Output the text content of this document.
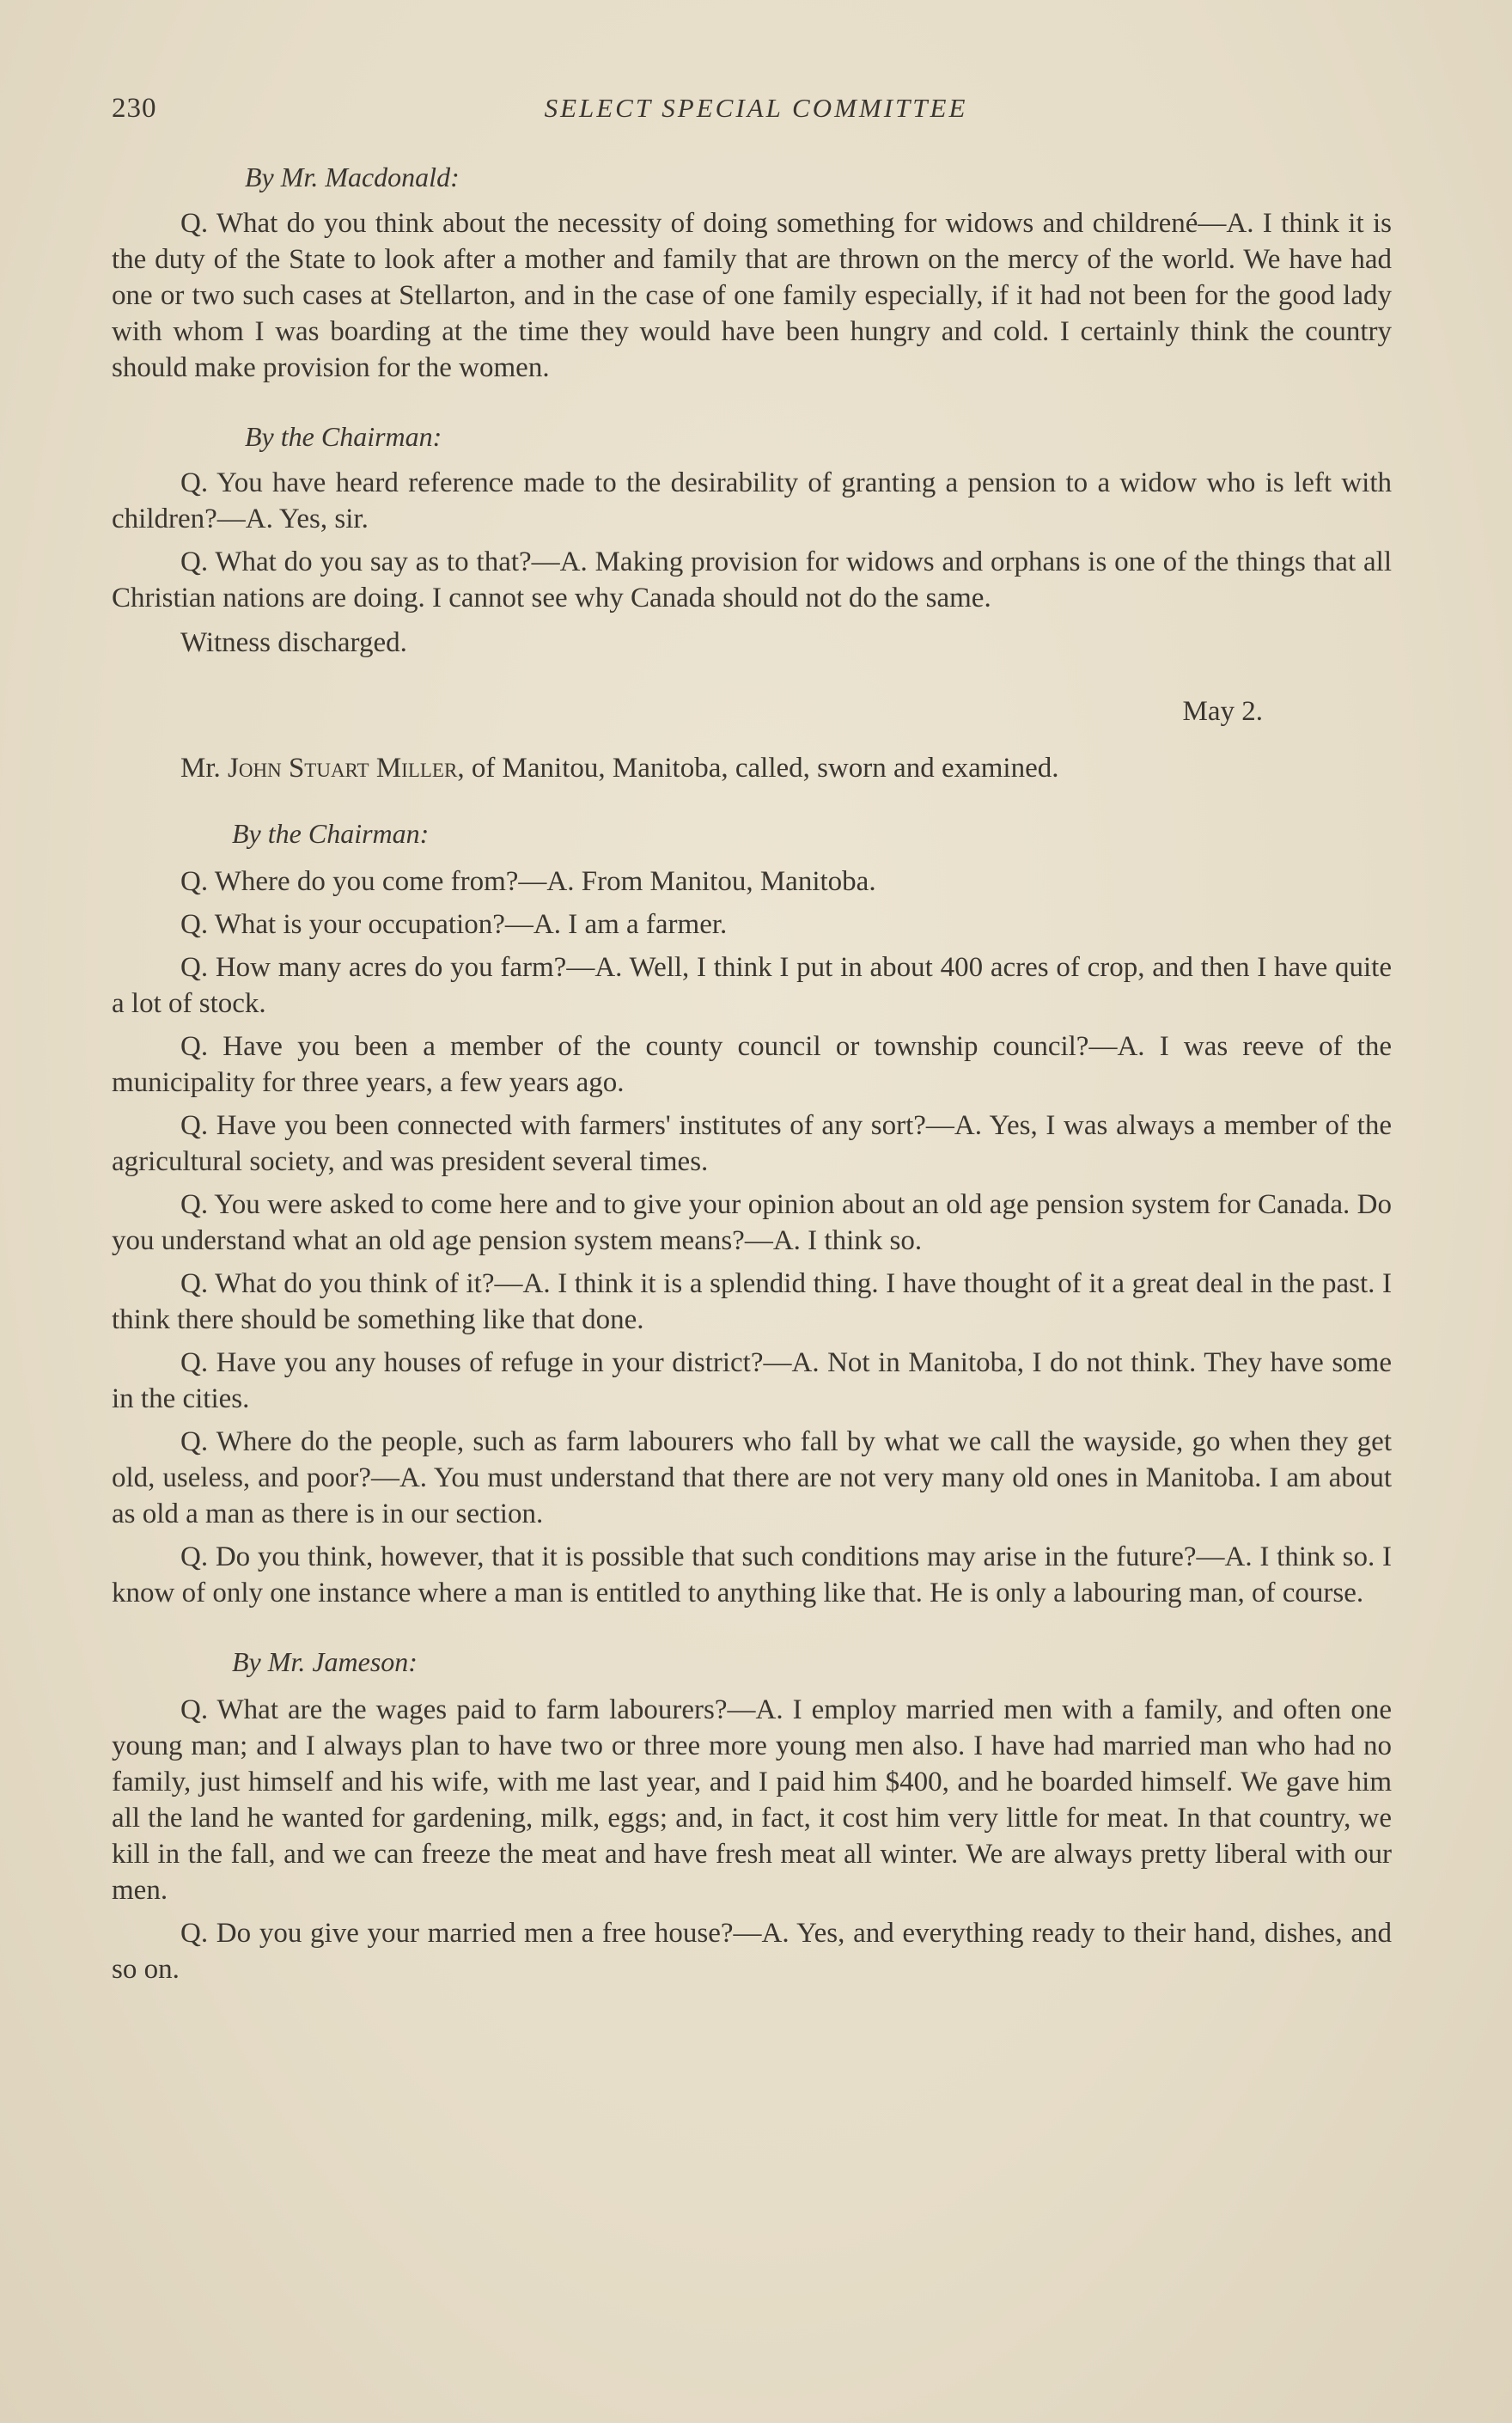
230	SELECT SPECIAL COMMITTEE

By Mr. Macdonald:

Q. What do you think about the necessity of doing something for widows and childrené—A. I think it is the duty of the State to look after a mother and family that are thrown on the mercy of the world. We have had one or two such cases at Stellarton, and in the case of one family especially, if it had not been for the good lady with whom I was boarding at the time they would have been hungry and cold. I certainly think the country should make provision for the women.

By the Chairman:

Q. You have heard reference made to the desirability of granting a pension to a widow who is left with children?—A. Yes, sir.

Q. What do you say as to that?—A. Making provision for widows and orphans is one of the things that all Christian nations are doing. I cannot see why Canada should not do the same.

Witness discharged.

May 2.

Mr. John Stuart Miller, of Manitou, Manitoba, called, sworn and examined.

By the Chairman:

Q. Where do you come from?—A. From Manitou, Manitoba.

Q. What is your occupation?—A. I am a farmer.

Q. How many acres do you farm?—A. Well, I think I put in about 400 acres of crop, and then I have quite a lot of stock.

Q. Have you been a member of the county council or township council?—A. I was reeve of the municipality for three years, a few years ago.

Q. Have you been connected with farmers' institutes of any sort?—A. Yes, I was always a member of the agricultural society, and was president several times.

Q. You were asked to come here and to give your opinion about an old age pension system for Canada. Do you understand what an old age pension system means?—A. I think so.

Q. What do you think of it?—A. I think it is a splendid thing. I have thought of it a great deal in the past. I think there should be something like that done.

Q. Have you any houses of refuge in your district?—A. Not in Manitoba, I do not think. They have some in the cities.

Q. Where do the people, such as farm labourers who fall by what we call the wayside, go when they get old, useless, and poor?—A. You must understand that there are not very many old ones in Manitoba. I am about as old a man as there is in our section.

Q. Do you think, however, that it is possible that such conditions may arise in the future?—A. I think so. I know of only one instance where a man is entitled to anything like that. He is only a labouring man, of course.

By Mr. Jameson:

Q. What are the wages paid to farm labourers?—A. I employ married men with a family, and often one young man; and I always plan to have two or three more young men also. I have had married man who had no family, just himself and his wife, with me last year, and I paid him $400, and he boarded himself. We gave him all the land he wanted for gardening, milk, eggs; and, in fact, it cost him very little for meat. In that country, we kill in the fall, and we can freeze the meat and have fresh meat all winter. We are always pretty liberal with our men.

Q. Do you give your married men a free house?—A. Yes, and everything ready to their hand, dishes, and so on.
